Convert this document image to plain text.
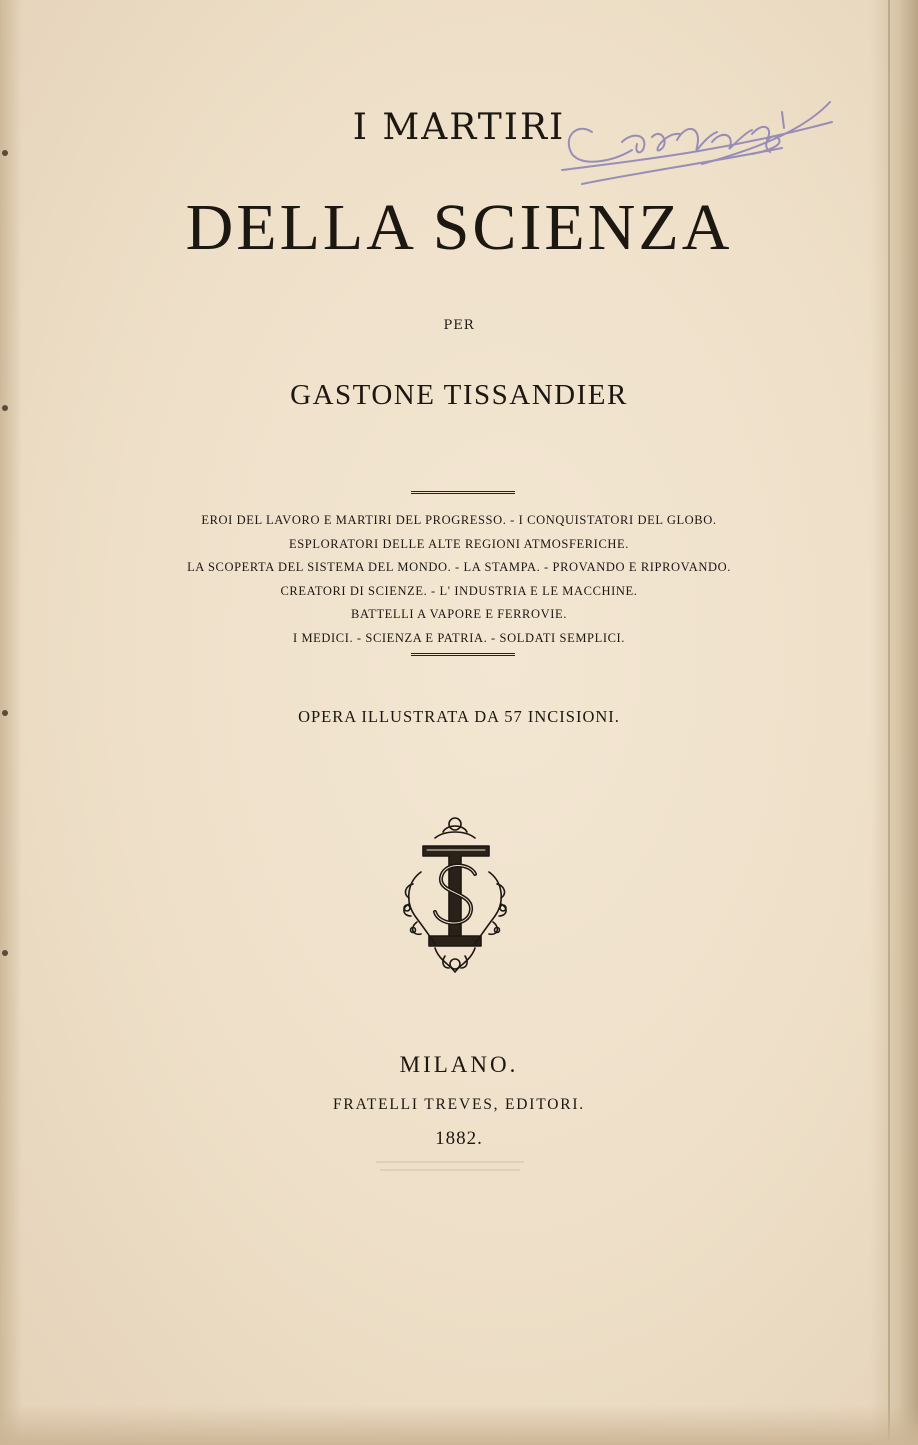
I MARTIRI
DELLA SCIENZA
PER
GASTONE TISSANDIER
EROI DEL LAVORO E MARTIRI DEL PROGRESSO. - I CONQUISTATORI DEL GLOBO.
ESPLORATORI DELLE ALTE REGIONI ATMOSFERICHE.
LA SCOPERTA DEL SISTEMA DEL MONDO. - LA STAMPA. - PROVANDO E RIPROVANDO.
CREATORI DI SCIENZE. - L' INDUSTRIA E LE MACCHINE.
BATTELLI A VAPORE E FERROVIE.
I MEDICI. - SCIENZA E PATRIA. - SOLDATI SEMPLICI.
OPERA ILLUSTRATA DA 57 INCISIONI.
MILANO.
FRATELLI TREVES, EDITORI.
1882.
